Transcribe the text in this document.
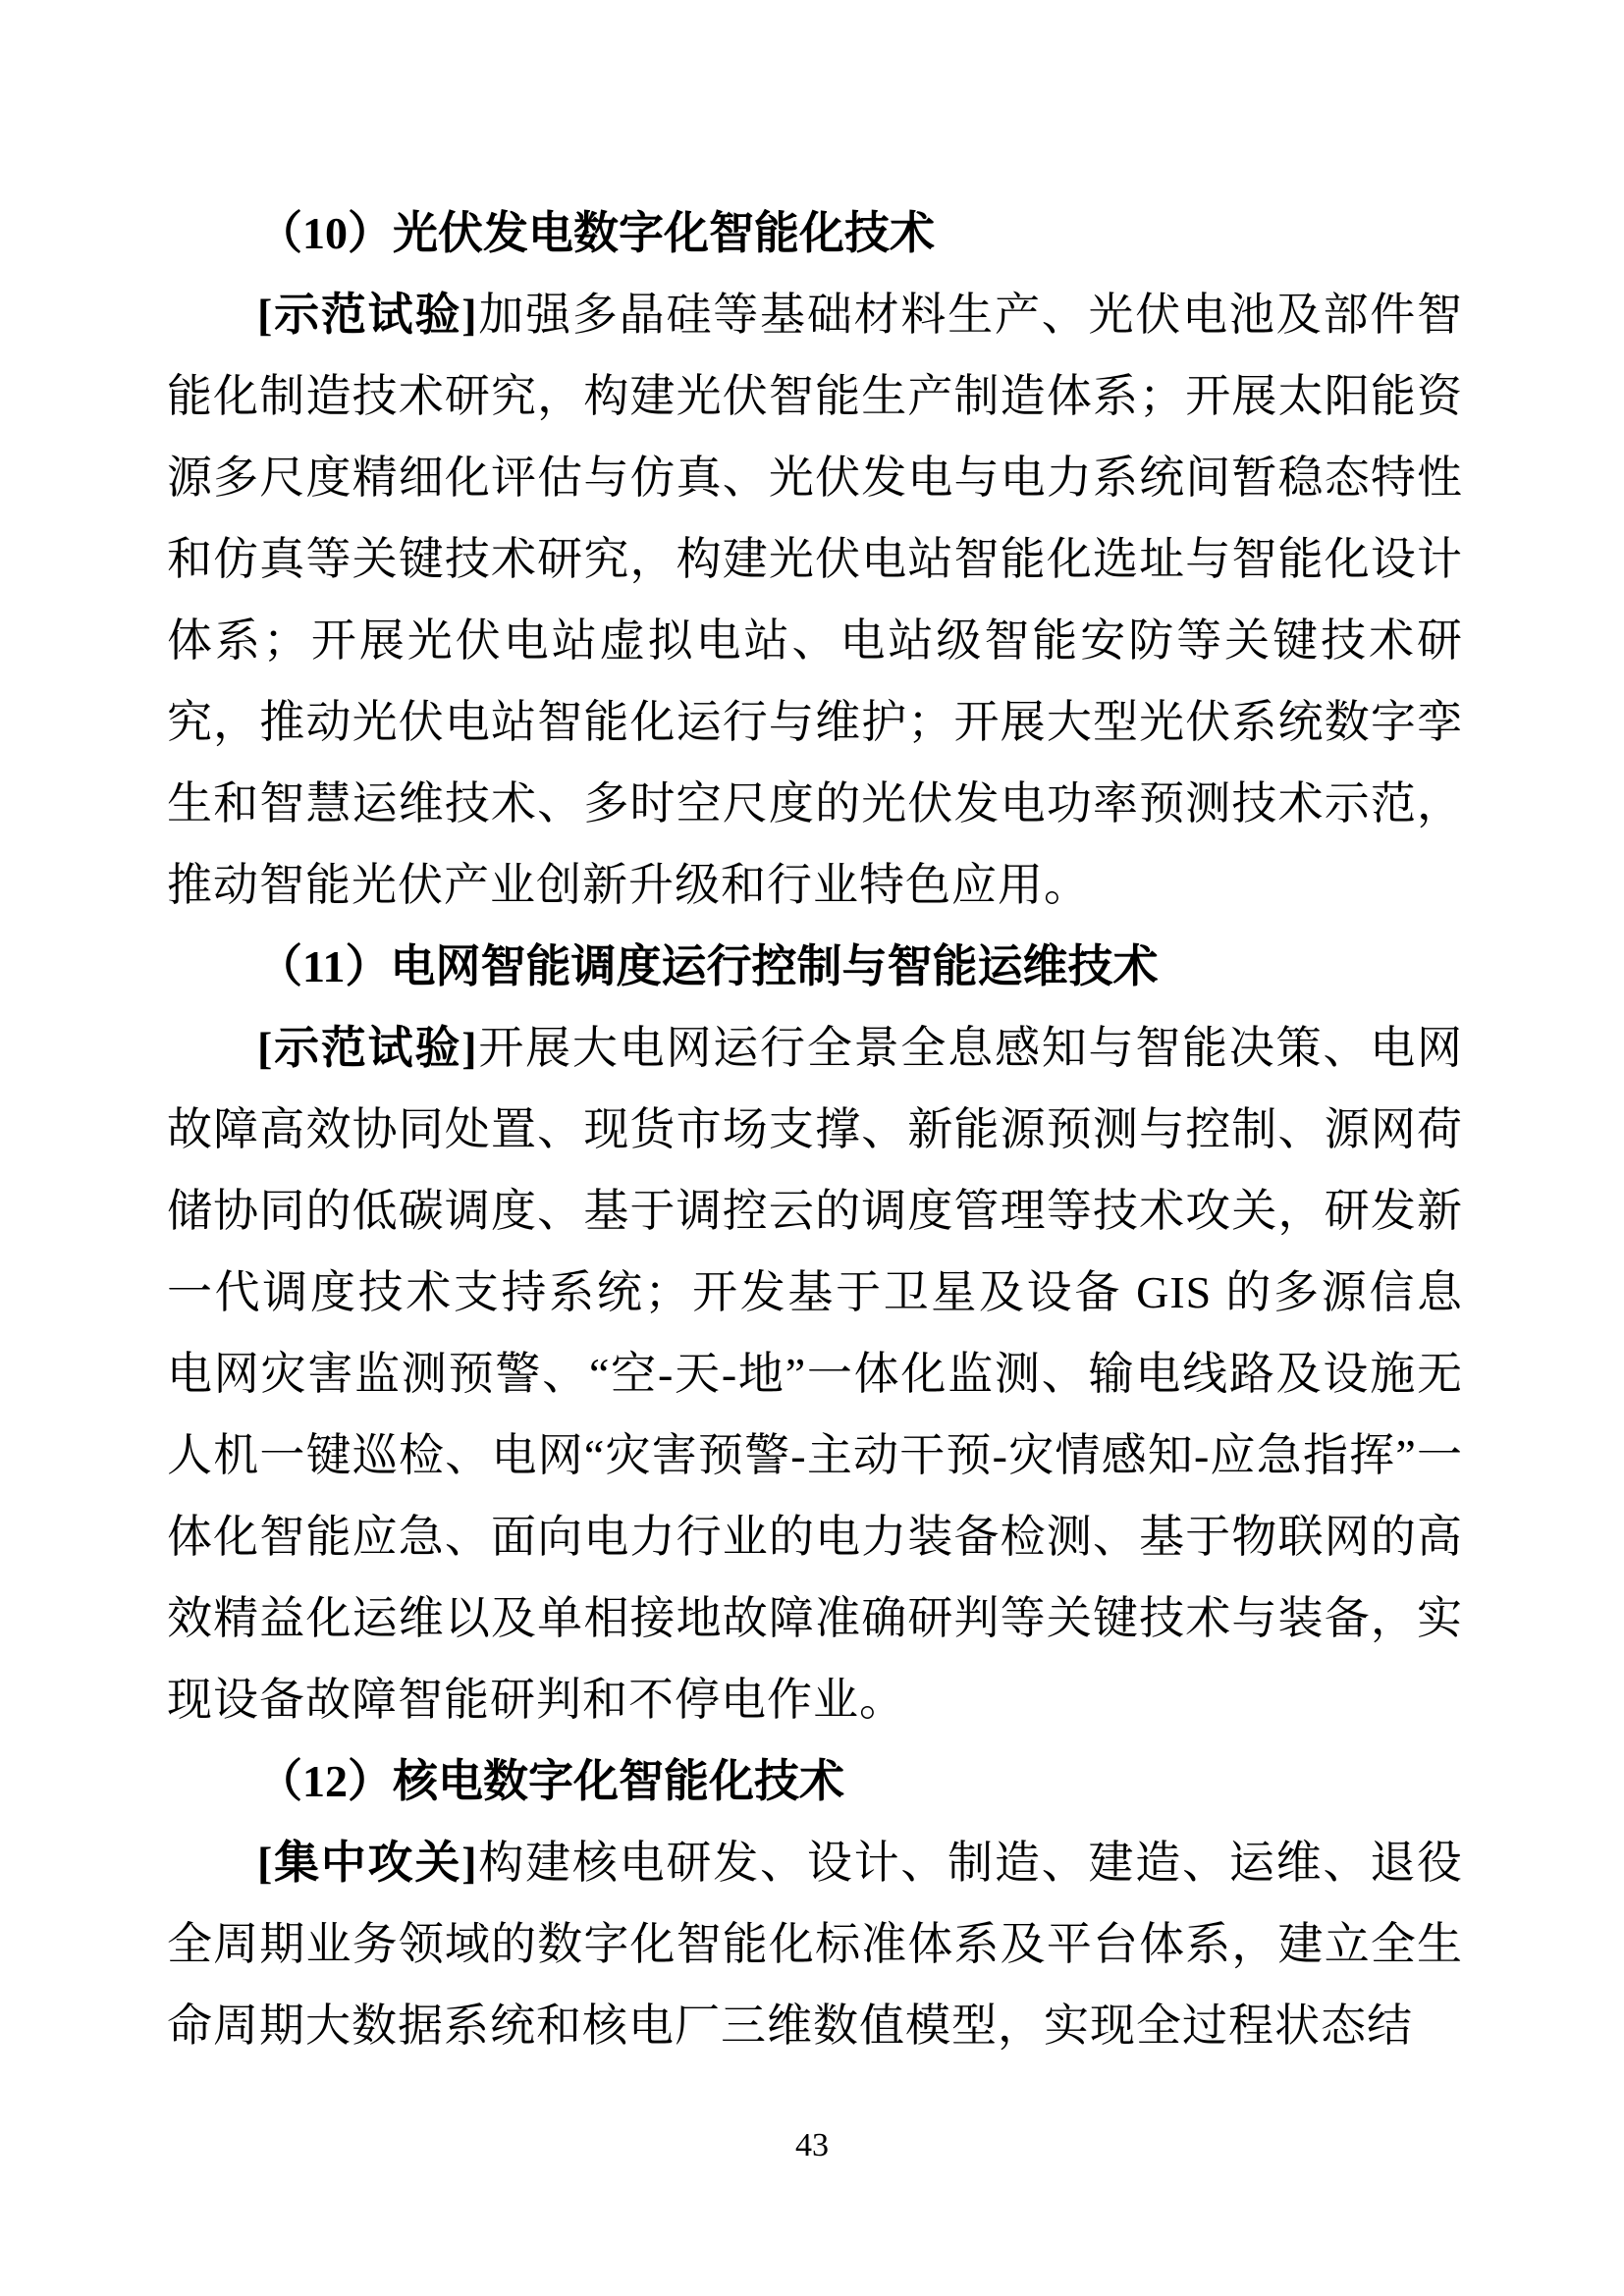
（10）光伏发电数字化智能化技术

[示范试验]加强多晶硅等基础材料生产、光伏电池及部件智能化制造技术研究，构建光伏智能生产制造体系；开展太阳能资源多尺度精细化评估与仿真、光伏发电与电力系统间暂稳态特性和仿真等关键技术研究，构建光伏电站智能化选址与智能化设计体系；开展光伏电站虚拟电站、电站级智能安防等关键技术研究，推动光伏电站智能化运行与维护；开展大型光伏系统数字孪生和智慧运维技术、多时空尺度的光伏发电功率预测技术示范，推动智能光伏产业创新升级和行业特色应用。

（11）电网智能调度运行控制与智能运维技术

[示范试验]开展大电网运行全景全息感知与智能决策、电网故障高效协同处置、现货市场支撑、新能源预测与控制、源网荷储协同的低碳调度、基于调控云的调度管理等技术攻关，研发新一代调度技术支持系统；开发基于卫星及设备 GIS 的多源信息电网灾害监测预警、“空-天-地”一体化监测、输电线路及设施无人机一键巡检、电网“灾害预警-主动干预-灾情感知-应急指挥”一体化智能应急、面向电力行业的电力装备检测、基于物联网的高效精益化运维以及单相接地故障准确研判等关键技术与装备，实现设备故障智能研判和不停电作业。

（12）核电数字化智能化技术

[集中攻关]构建核电研发、设计、制造、建造、运维、退役全周期业务领域的数字化智能化标准体系及平台体系，建立全生命周期大数据系统和核电厂三维数值模型，实现全过程状态结

43
